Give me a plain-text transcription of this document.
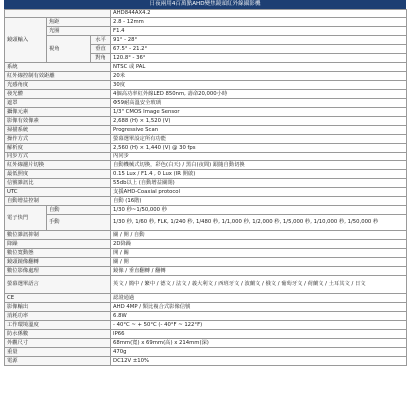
日夜兩用4百萬點AHD變焦鏡頭紅外線攝影機
			AHD844AX4.2
鏡頭輸入	焦距		2.8 - 12mm
	光圈		F1.4
	視角	水平	91° - 28°
		垂直	67.5° - 21.2°
		對角	120.8° - 36°
系統			NTSC 或 PAL
紅外線控制有效距離			20米
光感角度			30度
發光體			4個高功率紅外線LED 850nm, 壽命20,000小時
遮罩			Φ59耐高溫安全玻璃
攝像元素			1/3" CMOS Image Sensor
影像有效像素			2,688 (H) × 1,520 (V)
掃描系統			Progressive Scan
操作方式			螢幕選單設定所有功能
解析度			2,560 (H) × 1,440 (V) @ 30 fps
同步方式			內同步
紅外線濾片切換			自動機械式切換，彩色(白天) / 黑白(夜間) 跟隨自動切換
最低照度			0.15 Lux / F1.4 , 0 Lux (IR 開啟)
信號雜訊比			55db以上 (自動增益關閉)
UTC			支援AHD-Coaxial protocol
自動增益控制			自動 (16階)
電子快門	自動		1/30 秒~1/50,000 秒
	手動		1/30 秒, 1/60 秒, FLK, 1/240 秒, 1/480 秒, 1/1,000 秒, 1/2,000 秒, 1/5,000 秒, 1/10,000 秒, 1/50,000 秒
數位雜訊抑制			關 / 開 / 自動
降躁			2D降躁
數位寬動態			開 / 關
鏡頭鏡像翻轉			關 / 開
數位影像處理			鏡像 / 垂直翻轉 / 翻轉
螢幕選單語言			英文 / 簡中 / 繁中 / 德文 / 法文 / 義大利文 / 西班牙文 / 波蘭文 / 俄文 / 葡萄牙文 / 荷蘭文 / 土耳其文 / 日文
CE			認證通過
影像輸出			AHD 4MP / 類比複合式影像信號
消耗功率			6.8W
工作環境溫度			- 40°C ~ + 50°C (- 40°F ~ 122°F)
防水係數			IP66
外觀尺寸			68mm(寬) x 69mm(高) x 214mm(深)
重量			470g
電源			DC12V ±10%
